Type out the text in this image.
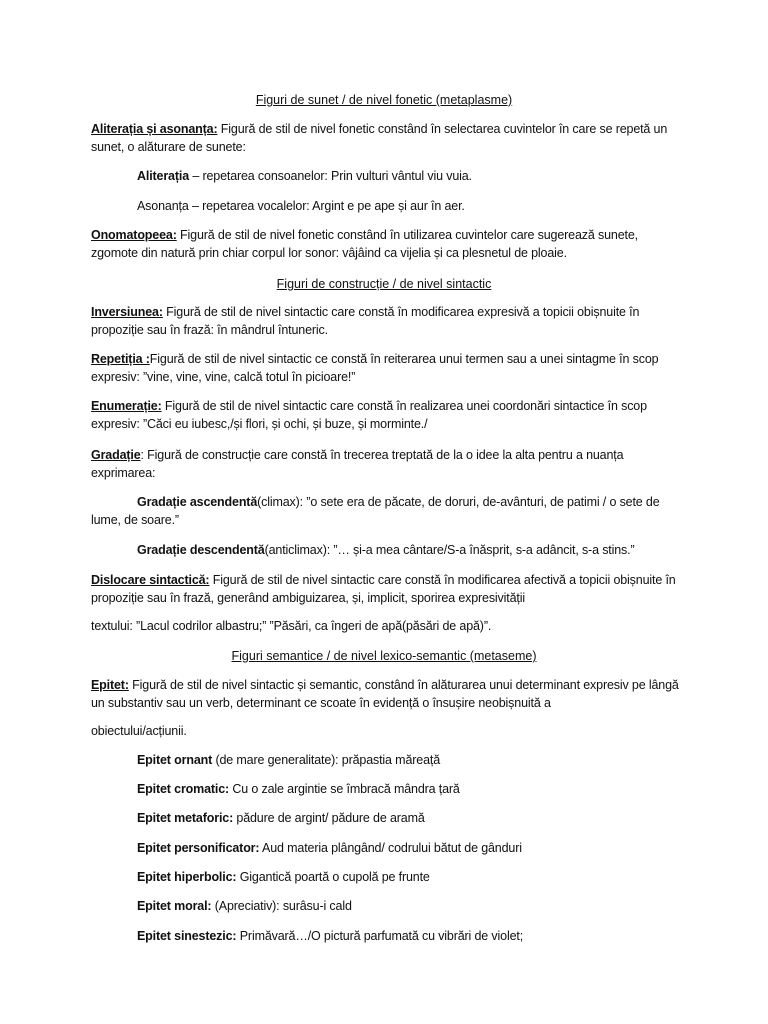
Figuri de sunet / de nivel fonetic (metaplasme)
Aliterația și asonanța: Figură de stil de nivel fonetic constând în selectarea cuvintelor în care se repetă un sunet, o alăturare de sunete:
Aliterația – repetarea consoanelor: Prin vulturi vântul viu vuia.
Asonanța – repetarea vocalelor: Argint e pe ape și aur în aer.
Onomatopeea: Figură de stil de nivel fonetic constând în utilizarea cuvintelor care sugerează sunete, zgomote din natură prin chiar corpul lor sonor: vâjâind ca vijelia și ca plesnetul de ploaie.
Figuri de construcție / de nivel sintactic
Inversiunea: Figură de stil de nivel sintactic care constă în modificarea expresivă a topicii obișnuite în propoziție sau în frază: în mândrul întuneric.
Repetiția :Figură de stil de nivel sintactic ce constă în reiterarea unui termen sau a unei sintagme în scop expresiv: ”vine, vine, vine, calcă totul în picioare!”
Enumerație: Figură de stil de nivel sintactic care constă în realizarea unei coordonări sintactice în scop expresiv: ”Căci eu iubesc,/și flori, și ochi, și buze, și morminte./
Gradație: Figură de construcție care constă în trecerea treptată de la o idee la alta pentru a nuanța exprimarea:
Gradație ascendentă(climax): ”o sete era de păcate, de doruri, de-avânturi, de patimi / o sete de lume, de soare.”
Gradație descendentă(anticlimax): ”… și-a mea cântare/S-a înăsprit, s-a adâncit, s-a stins.”
Dislocare sintactică: Figură de stil de nivel sintactic care constă în modificarea afectivă a topicii obișnuite în propoziție sau în frază, generând ambiguizarea, și, implicit, sporirea expresivității
textului: ”Lacul codrilor albastru;” ”Păsări, ca îngeri de apă(păsări de apă)”.
Figuri semantice / de nivel lexico-semantic (metaseme)
Epitet: Figură de stil de nivel sintactic și semantic, constând în alăturarea unui determinant expresiv pe lângă un substantiv sau un verb, determinant ce scoate în evidență o însușire neobișnuită a
obiectului/acțiunii.
Epitet ornant (de mare generalitate): prăpastia măreață
Epitet cromatic: Cu o zale argintie se îmbracă mândra țară
Epitet metaforic: pădure de argint/ pădure de aramă
Epitet personificator: Aud materia plângând/ codrului bătut de gânduri
Epitet hiperbolic: Gigantică poartă o cupolă pe frunte
Epitet moral: (Apreciativ): surâsu-i cald
Epitet sinestezic: Primăvară…/O pictură parfumată cu vibrări de violet;
